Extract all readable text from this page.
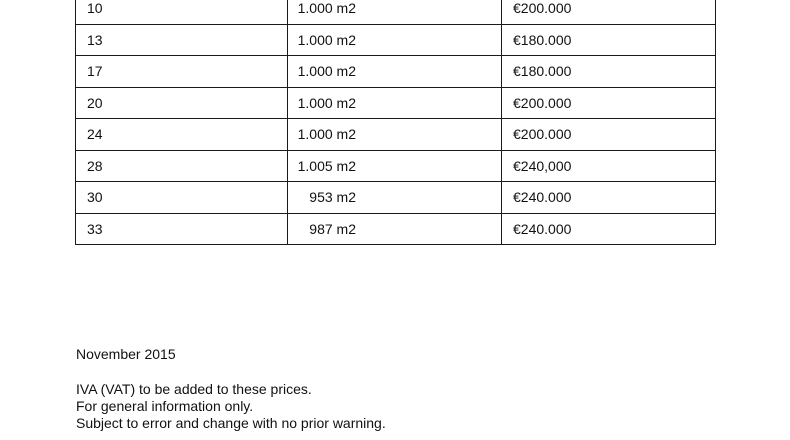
10	1.000 m2	€200.000
13	1.000 m2	€180.000
17	1.000 m2	€180.000
20	1.000 m2	€200.000
24	1.000 m2	€200.000
28	1.005 m2	€240,000
30	953 m2	€240.000
33	987 m2	€240.000

November 2015

IVA (VAT) to be added to these prices.

For general information only.

Subject to error and change with no prior warning.
